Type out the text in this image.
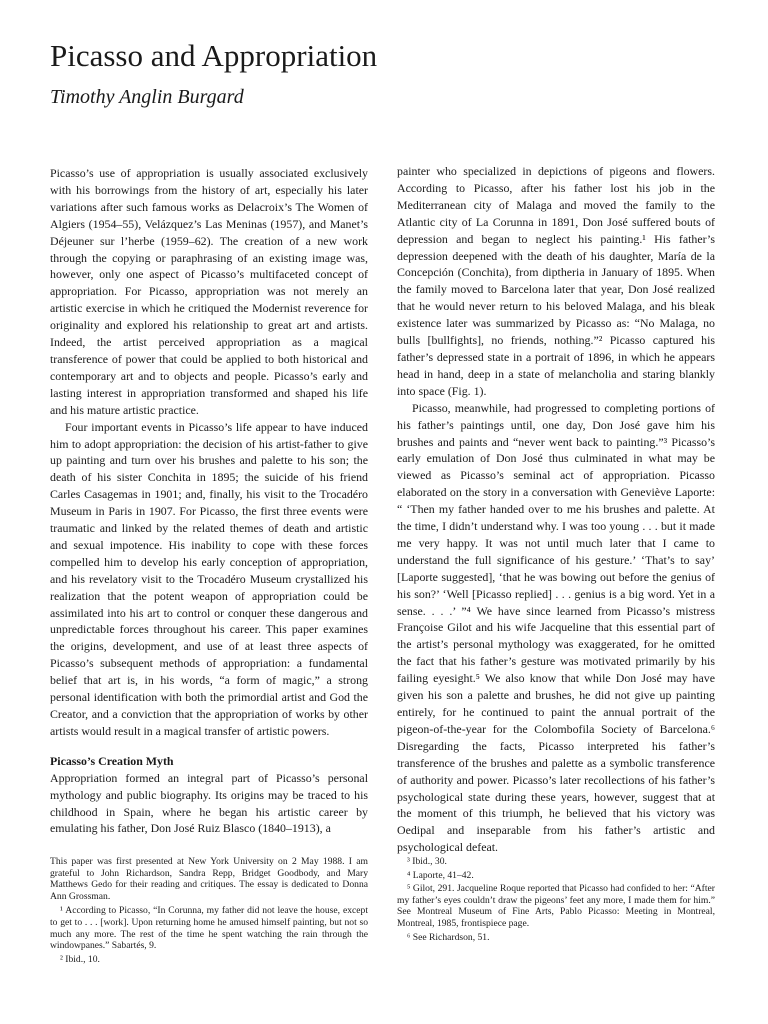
Picasso and Appropriation
Timothy Anglin Burgard

Picasso’s use of appropriation is usually associated exclusively with his borrowings from the history of art, especially his later variations after such famous works as Delacroix’s The Women of Algiers (1954–55), Velázquez’s Las Meninas (1957), and Manet’s Déjeuner sur l’herbe (1959–62). The creation of a new work through the copying or paraphrasing of an existing image was, however, only one aspect of Picasso’s multifaceted concept of appropriation. For Picasso, appropriation was not merely an artistic exercise in which he critiqued the Modernist reverence for originality and explored his relationship to great art and artists. Indeed, the artist perceived appropriation as a magical transference of power that could be applied to both historical and contemporary art and to objects and people. Picasso’s early and lasting interest in appropriation transformed and shaped his life and his mature artistic practice.

Four important events in Picasso’s life appear to have induced him to adopt appropriation: the decision of his artist-father to give up painting and turn over his brushes and palette to his son; the death of his sister Conchita in 1895; the suicide of his friend Carles Casagemas in 1901; and, finally, his visit to the Trocadéro Museum in Paris in 1907. For Picasso, the first three events were traumatic and linked by the related themes of death and artistic and sexual impotence. His inability to cope with these forces compelled him to develop his early conception of appropriation, and his revelatory visit to the Trocadéro Museum crystallized his realization that the potent weapon of appropriation could be assimilated into his art to control or conquer these dangerous and unpredictable forces throughout his career. This paper examines the origins, development, and use of at least three aspects of Picasso’s subsequent methods of appropriation: a fundamental belief that art is, in his words, “a form of magic,” a strong personal identification with both the primordial artist and God the Creator, and a conviction that the appropriation of works by other artists would result in a magical transfer of artistic powers.

Picasso’s Creation Myth

Appropriation formed an integral part of Picasso’s personal mythology and public biography. Its origins may be traced to his childhood in Spain, where he began his artistic career by emulating his father, Don José Ruiz Blasco (1840–1913), a

painter who specialized in depictions of pigeons and flowers. According to Picasso, after his father lost his job in the Mediterranean city of Malaga and moved the family to the Atlantic city of La Corunna in 1891, Don José suffered bouts of depression and began to neglect his painting.¹ His father’s depression deepened with the death of his daughter, María de la Concepción (Conchita), from diptheria in January of 1895. When the family moved to Barcelona later that year, Don José realized that he would never return to his beloved Malaga, and his bleak existence later was summarized by Picasso as: “No Malaga, no bulls [bullfights], no friends, nothing.”² Picasso captured his father’s depressed state in a portrait of 1896, in which he appears head in hand, deep in a state of melancholia and staring blankly into space (Fig. 1).

Picasso, meanwhile, had progressed to completing portions of his father’s paintings until, one day, Don José gave him his brushes and paints and “never went back to painting.”³ Picasso’s early emulation of Don José thus culminated in what may be viewed as Picasso’s seminal act of appropriation. Picasso elaborated on the story in a conversation with Geneviève Laporte: “ ‘Then my father handed over to me his brushes and palette. At the time, I didn’t understand why. I was too young . . . but it made me very happy. It was not until much later that I came to understand the full significance of his gesture.’ ‘That’s to say’ [Laporte suggested], ‘that he was bowing out before the genius of his son?’ ‘Well [Picasso replied] . . . genius is a big word. Yet in a sense. . . .’ ”⁴ We have since learned from Picasso’s mistress Françoise Gilot and his wife Jacqueline that this essential part of the artist’s personal mythology was exaggerated, for he omitted the fact that his father’s gesture was motivated primarily by his failing eyesight.⁵ We also know that while Don José may have given his son a palette and brushes, he did not give up painting entirely, for he continued to paint the annual portrait of the pigeon-of-the-year for the Colombofila Society of Barcelona.⁶ Disregarding the facts, Picasso interpreted his father’s transference of the brushes and palette as a symbolic transference of authority and power. Picasso’s later recollections of his father’s psychological state during these years, however, suggest that at the moment of this triumph, he believed that his victory was Oedipal and inseparable from his father’s artistic and psychological defeat.

This paper was first presented at New York University on 2 May 1988. I am grateful to John Richardson, Sandra Repp, Bridget Goodbody, and Mary Matthews Gedo for their reading and critiques. The essay is dedicated to Donna Ann Grossman.

¹ According to Picasso, “In Corunna, my father did not leave the house, except to get to . . . [work]. Upon returning home he amused himself painting, but not so much any more. The rest of the time he spent watching the rain through the windowpanes.” Sabartés, 9.

² Ibid., 10.

³ Ibid., 30.

⁴ Laporte, 41–42.

⁵ Gilot, 291. Jacqueline Roque reported that Picasso had confided to her: “After my father’s eyes couldn’t draw the pigeons’ feet any more, I made them for him.” See Montreal Museum of Fine Arts, Pablo Picasso: Meeting in Montreal, Montreal, 1985, frontispiece page.

⁶ See Richardson, 51.
